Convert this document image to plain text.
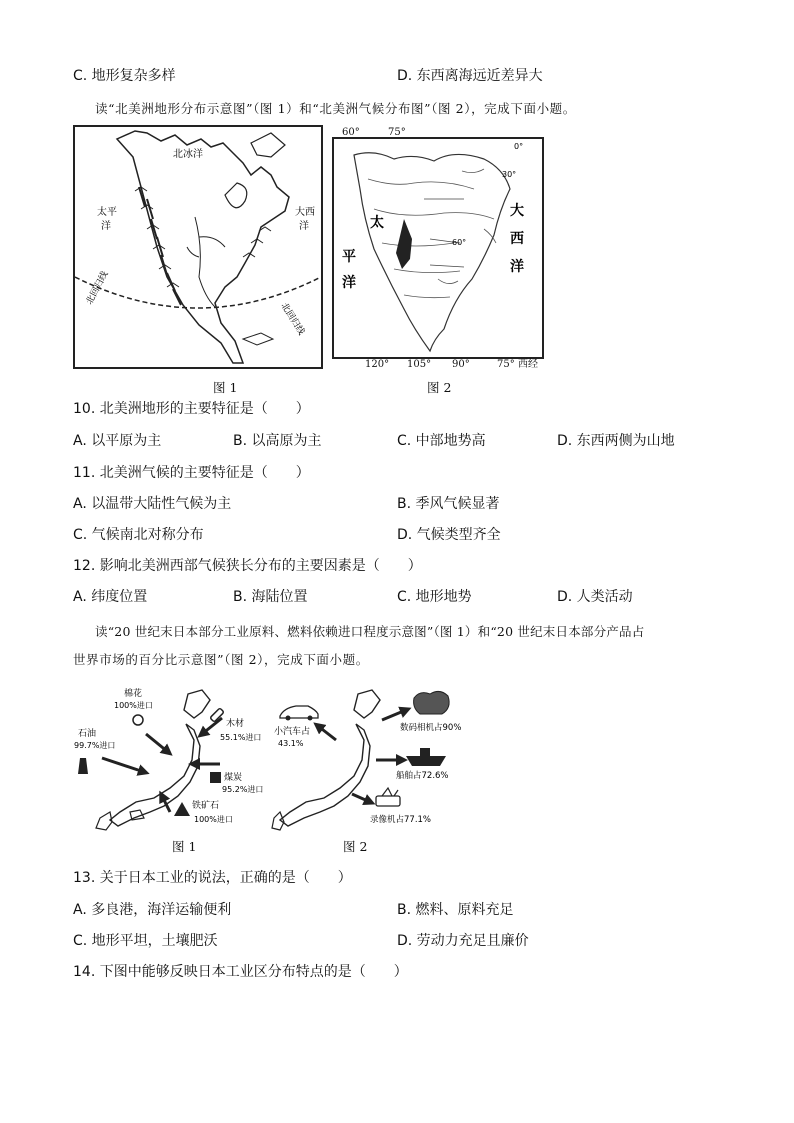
C. 地形复杂多样	D. 东西离海远近差异大
读“北美洲地形分布示意图”（图 1）和“北美洲气候分布图”（图 2），完成下面小题。
北冰洋
太平
洋
大西
洋
北回归线
北回归线
图 1
太
平
洋
大
西
洋
0°
30°
60°
60°	75°
120° 105° 90°	75° 西经
图 2
10. 北美洲地形的主要特征是（　　）
A. 以平原为主	B. 以高原为主	C. 中部地势高	D. 东西两侧为山地
11. 北美洲气候的主要特征是（　　）
A. 以温带大陆性气候为主	B. 季风气候显著
C. 气候南北对称分布	D. 气候类型齐全
12. 影响北美洲西部气候狭长分布的主要因素是（　　）
A. 纬度位置	B. 海陆位置	C. 地形地势	D. 人类活动
读“20 世纪末日本部分工业原料、燃料依赖进口程度示意图”（图 1）和“20 世纪末日本部分产品占
世界市场的百分比示意图”（图 2），完成下面小题。
棉花
100%进口
石油
99.7%进口
木材
55.1%进口
煤炭
95.2%进口
铁矿石
100%进口
图 1
小汽车占
43.1%
数码相机占90%
船舶占72.6%
录像机占77.1%
图 2
13. 关于日本工业的说法，正确的是（　　）
A. 多良港，海洋运输便利	B. 燃料、原料充足
C. 地形平坦，土壤肥沃	D. 劳动力充足且廉价
14. 下图中能够反映日本工业区分布特点的是（　　）
